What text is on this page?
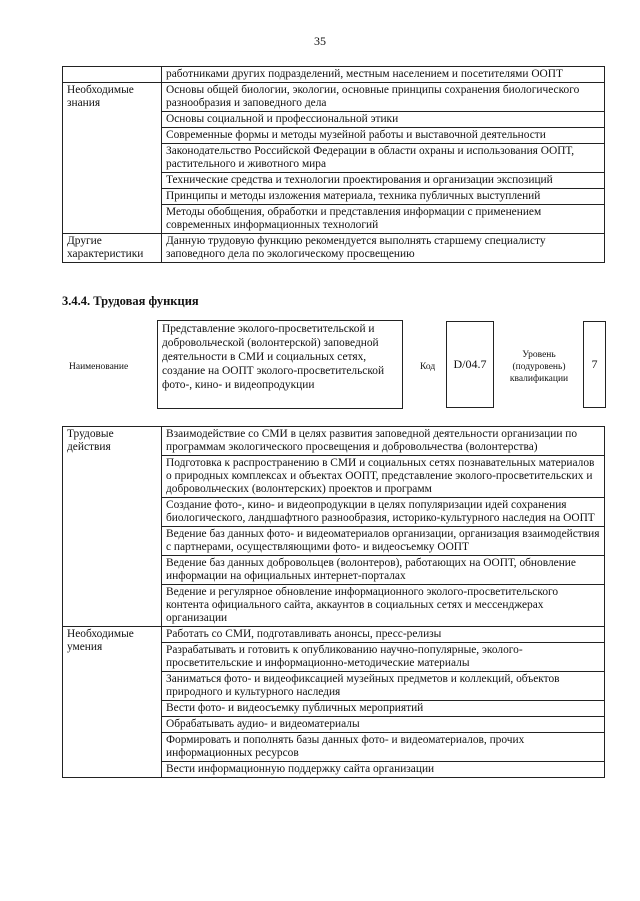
35
	работниками других подразделений, местным населением и посетителями ООПТ
Необходимые знания	Основы общей биологии, экологии, основные принципы сохранения биологического разнообразия и заповедного дела
	Основы социальной и профессиональной этики
	Современные формы и методы музейной работы и выставочной деятельности
	Законодательство Российской Федерации в области охраны и использования ООПТ, растительного и животного мира
	Технические средства и технологии проектирования и организации экспозиций
	Принципы и методы изложения материала, техника публичных выступлений
	Методы обобщения, обработки и представления информации с применением современных информационных технологий
Другие характеристики	Данную трудовую функцию рекомендуется выполнять старшему специалисту заповедного дела по экологическому просвещению
3.4.4. Трудовая функция
Наименование
Представление эколого-просветительской и добровольческой (волонтерской) заповедной деятельности в СМИ и социальных сетях, создание на ООПТ эколого-просветительской фото-, кино- и видеопродукции
Код	D/04.7
Уровень (подуровень) квалификации
7
Трудовые действия	Взаимодействие со СМИ в целях развития заповедной деятельности организации по программам экологического просвещения и добровольчества (волонтерства)
	Подготовка к распространению в СМИ и социальных сетях познавательных материалов о природных комплексах и объектах ООПТ, представление эколого-просветительских и добровольческих (волонтерских) проектов и программ
	Создание фото-, кино- и видеопродукции в целях популяризации идей сохранения биологического, ландшафтного разнообразия, историко-культурного наследия на ООПТ
	Ведение баз данных фото- и видеоматериалов организации, организация взаимодействия с партнерами, осуществляющими фото- и видеосъемку ООПТ
	Ведение баз данных добровольцев (волонтеров), работающих на ООПТ, обновление информации на официальных интернет-порталах
	Ведение и регулярное обновление информационного эколого-просветительского контента официального сайта, аккаунтов в социальных сетях и мессенджерах организации
Необходимые умения	Работать со СМИ, подготавливать анонсы, пресс-релизы
	Разрабатывать и готовить к опубликованию научно-популярные, эколого-просветительские и информационно-методические материалы
	Заниматься фото- и видеофиксацией музейных предметов и коллекций, объектов природного и культурного наследия
	Вести фото- и видеосъемку публичных мероприятий
	Обрабатывать аудио- и видеоматериалы
	Формировать и пополнять базы данных фото- и видеоматериалов, прочих информационных ресурсов
	Вести информационную поддержку сайта организации
